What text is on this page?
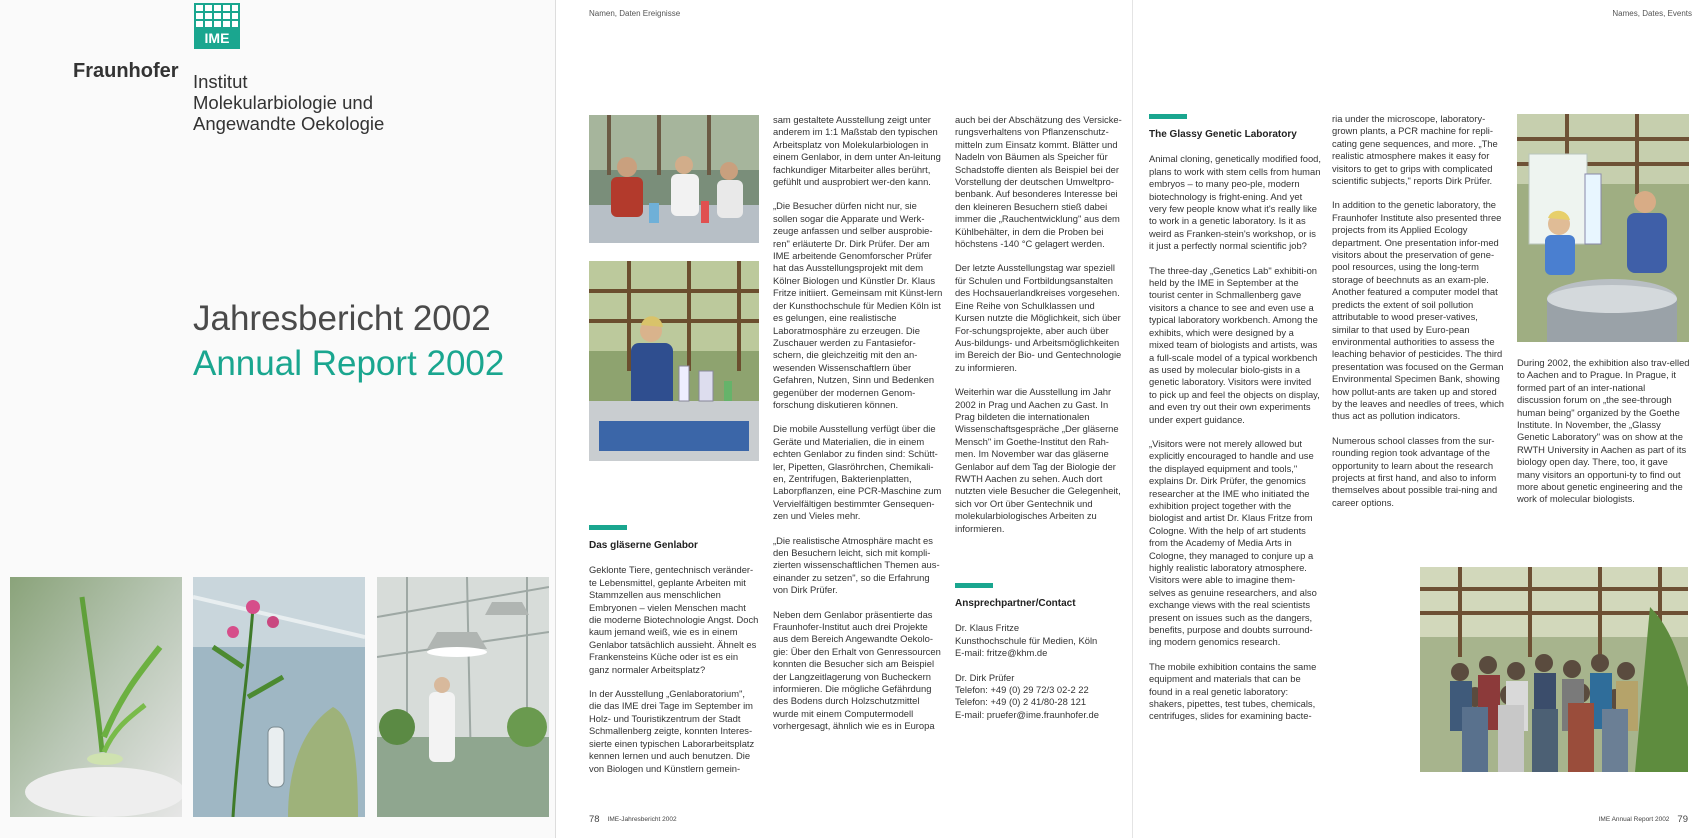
IME
Fraunhofer Institut
Molekularbiologie und
Angewandte Oekologie
Jahresbericht 2002
Annual Report 2002
Namen, Daten Ereignisse
Das gläserne Genlabor

Geklonte Tiere, gentechnisch veränder-te Lebensmittel, geplante Arbeiten mit Stammzellen aus menschlichen Embryonen – vielen Menschen macht die moderne Biotechnologie Angst. Doch kaum jemand weiß, wie es in einem Genlabor tatsächlich aussieht. Ähnelt es Frankensteins Küche oder ist es ein ganz normaler Arbeitsplatz?

In der Ausstellung „Genlaboratorium", die das IME drei Tage im September im Holz- und Touristikzentrum der Stadt Schmallenberg zeigte, konnten Interes-sierte einen typischen Laborarbeitsplatz kennen lernen und auch benutzen. Die von Biologen und Künstlern gemein-

sam gestaltete Ausstellung zeigt unter anderem im 1:1 Maßstab den typischen Arbeitsplatz von Molekularbiologen in einem Genlabor, in dem unter An-leitung fachkundiger Mitarbeiter alles berührt, gefühlt und ausprobiert wer-den kann.

„Die Besucher dürfen nicht nur, sie sollen sogar die Apparate und Werk-zeuge anfassen und selber ausprobie-ren" erläuterte Dr. Dirk Prüfer. Der am IME arbeitende Genomforscher Prüfer hat das Ausstellungsprojekt mit dem Kölner Biologen und Künstler Dr. Klaus Fritze initiiert. Gemeinsam mit Künst-lern der Kunsthochschule für Medien Köln ist es gelungen, eine realistische Laboratmosphäre zu erzeugen. Die Zuschauer werden zu Fantasiefor-schern, die gleichzeitig mit den an-wesenden Wissenschaftlern über Gefahren, Nutzen, Sinn und Bedenken gegenüber der modernen Genom-forschung diskutieren können.

Die mobile Ausstellung verfügt über die Geräte und Materialien, die in einem echten Genlabor zu finden sind: Schütt-ler, Pipetten, Glasröhrchen, Chemikali-en, Zentrifugen, Bakterienplatten, Laborpflanzen, eine PCR-Maschine zum Vervielfältigen bestimmter Gensequen-zen und Vieles mehr.

„Die realistische Atmosphäre macht es den Besuchern leicht, sich mit kompli-zierten wissenschaftlichen Themen aus-einander zu setzen", so die Erfahrung von Dirk Prüfer.

Neben dem Genlabor präsentierte das Fraunhofer-Institut auch drei Projekte aus dem Bereich Angewandte Oekolo-gie: Über den Erhalt von Genressourcen konnten die Besucher sich am Beispiel der Langzeitlagerung von Bucheckern informieren. Die mögliche Gefährdung des Bodens durch Holzschutzmittel wurde mit einem Computermodell vorhergesagt, ähnlich wie es in Europa

auch bei der Abschätzung des Versicke-rungsverhaltens von Pflanzenschutz-mitteln zum Einsatz kommt. Blätter und Nadeln von Bäumen als Speicher für Schadstoffe dienten als Beispiel bei der Vorstellung der deutschen Umweltpro-benbank. Auf besonderes Interesse bei den kleineren Besuchern stieß dabei immer die „Rauchentwicklung" aus dem Kühlbehälter, in dem die Proben bei höchstens -140 °C gelagert werden.

Der letzte Ausstellungstag war speziell für Schulen und Fortbildungsanstalten des Hochsauerlandkreises vorgesehen. Eine Reihe von Schulklassen und Kursen nutzte die Möglichkeit, sich über For-schungsprojekte, aber auch über Aus-bildungs- und Arbeitsmöglichkeiten im Bereich der Bio- und Gentechnologie zu informieren.

Weiterhin war die Ausstellung im Jahr 2002 in Prag und Aachen zu Gast. In Prag bildeten die internationalen Wissenschaftsgespräche „Der gläserne Mensch" im Goethe-Institut den Rah-men. Im November war das gläserne Genlabor auf dem Tag der Biologie der RWTH Aachen zu sehen. Auch dort nutzten viele Besucher die Gelegenheit, sich vor Ort über Gentechnik und molekularbiologisches Arbeiten zu informieren.

Ansprechpartner/Contact

Dr. Klaus Fritze
Kunsthochschule für Medien, Köln
E-mail: fritze@khm.de

Dr. Dirk Prüfer
Telefon: +49 (0) 29 72/3 02-2 22
Telefon: +49 (0) 2 41/80-28 121
E-mail: pruefer@ime.fraunhofer.de

78 IME-Jahresbericht 2002
Names, Dates, Events
The Glassy Genetic Laboratory

Animal cloning, genetically modified food, plans to work with stem cells from human embryos – to many peo-ple, modern biotechnology is fright-ening. And yet very few people know what it's really like to work in a genetic laboratory. Is it as weird as Franken-stein's workshop, or is it just a perfectly normal scientific job?

The three-day „Genetics Lab" exhibiti-on held by the IME in September at the tourist center in Schmallenberg gave visitors a chance to see and even use a typical laboratory workbench. Among the exhibits, which were designed by a mixed team of biologists and artists, was a full-scale model of a typical workbench as used by molecular biolo-gists in a genetic laboratory. Visitors were invited to pick up and feel the objects on display, and even try out their own experiments under expert guidance.

„Visitors were not merely allowed but explicitly encouraged to handle and use the displayed equipment and tools," explains Dr. Dirk Prüfer, the genomics researcher at the IME who initiated the exhibition project together with the biologist and artist Dr. Klaus Fritze from Cologne. With the help of art students from the Academy of Media Arts in Cologne, they managed to conjure up a highly realistic laboratory atmosphere. Visitors were able to imagine them-selves as genuine researchers, and also exchange views with the real scientists present on issues such as the dangers, benefits, purpose and doubts surround-ing modern genomics research.

The mobile exhibition contains the same equipment and materials that can be found in a real genetic laboratory: shakers, pipettes, test tubes, chemicals, centrifuges, slides for examining bacte-

ria under the microscope, laboratory-grown plants, a PCR machine for repli-cating gene sequences, and more. „The realistic atmosphere makes it easy for visitors to get to grips with complicated scientific subjects," reports Dirk Prüfer.

In addition to the genetic laboratory, the Fraunhofer Institute also presented three projects from its Applied Ecology department. One presentation infor-med visitors about the preservation of gene-pool resources, using the long-term storage of beechnuts as an exam-ple. Another featured a computer model that predicts the extent of soil pollution attributable to wood preser-vatives, similar to that used by Euro-pean environmental authorities to assess the leaching behavior of pesticides. The third presentation was focused on the German Environmental Specimen Bank, showing how pollut-ants are taken up and stored by the leaves and needles of trees, which thus act as pollution indicators.

Numerous school classes from the sur-rounding region took advantage of the opportunity to learn about the research projects at first hand, and also to inform themselves about possible trai-ning and career options.

During 2002, the exhibition also trav-elled to Aachen and to Prague. In Prague, it formed part of an inter-national discussion forum on „the see-through human being" organized by the Goethe Institute. In November, the „Glassy Genetic Laboratory" was on show at the RWTH University in Aachen as part of its biology open day. There, too, it gave many visitors an opportuni-ty to find out more about genetic engineering and the work of molecular biologists.

IME Annual Report 2002 79
